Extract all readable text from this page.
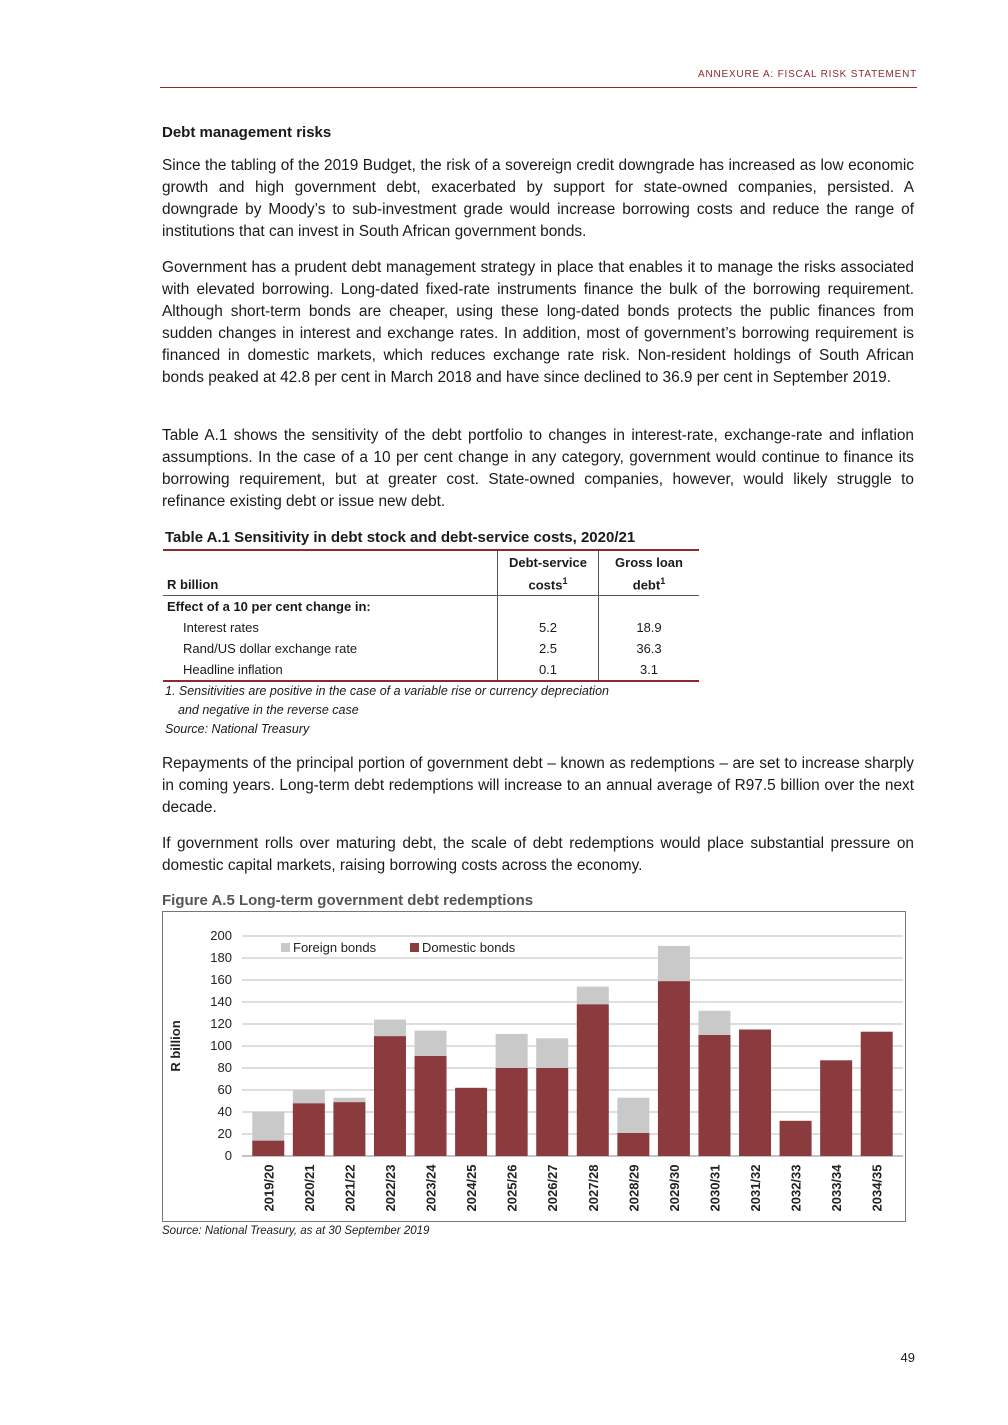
ANNEXURE A: FISCAL RISK STATEMENT
Debt management risks

Since the tabling of the 2019 Budget, the risk of a sovereign credit downgrade has increased as low economic growth and high government debt, exacerbated by support for state-owned companies, persisted. A downgrade by Moody’s to sub-investment grade would increase borrowing costs and reduce the range of institutions that can invest in South African government bonds.

Government has a prudent debt management strategy in place that enables it to manage the risks associated with elevated borrowing. Long-dated fixed-rate instruments finance the bulk of the borrowing requirement. Although short-term bonds are cheaper, using these long-dated bonds protects the public finances from sudden changes in interest and exchange rates. In addition, most of government’s borrowing requirement is financed in domestic markets, which reduces exchange rate risk. Non-resident holdings of South African bonds peaked at 42.8 per cent in March 2018 and have since declined to 36.9 per cent in September 2019.

Table A.1 shows the sensitivity of the debt portfolio to changes in interest-rate, exchange-rate and inflation assumptions. In the case of a 10 per cent change in any category, government would continue to finance its borrowing requirement, but at greater cost. State-owned companies, however, would likely struggle to refinance existing debt or issue new debt.

Table A.1 Sensitivity in debt stock and debt-service costs, 2020/21
	Debt-service	Gross loan
R billion	costs$^1$	debt$^1$
Effect of a 10 per cent change in:		
Interest rates	5.2	18.9
Rand/US dollar exchange rate	2.5	36.3
Headline inflation	0.1	3.1
1. Sensitivities are positive in the case of a variable rise or currency depreciation
and negative in the reverse case
Source: National Treasury

Repayments of the principal portion of government debt – known as redemptions – are set to increase sharply in coming years. Long-term debt redemptions will increase to an annual average of R97.5 billion over the next decade.

If government rolls over maturing debt, the scale of debt redemptions would place substantial pressure on domestic capital markets, raising borrowing costs across the economy.

Figure A.5 Long-term government debt redemptions
0
20
40
60
80
100
120
140
160
180
200
R billion
2019/20 2020/21 2021/22 2022/23 2023/24 2024/25 2025/26 2026/27 2027/28 2028/29 2029/30 2030/31 2031/32 2032/33 2033/34 2034/35
Foreign bonds	Domestic bonds
Source: National Treasury, as at 30 September 2019
49
